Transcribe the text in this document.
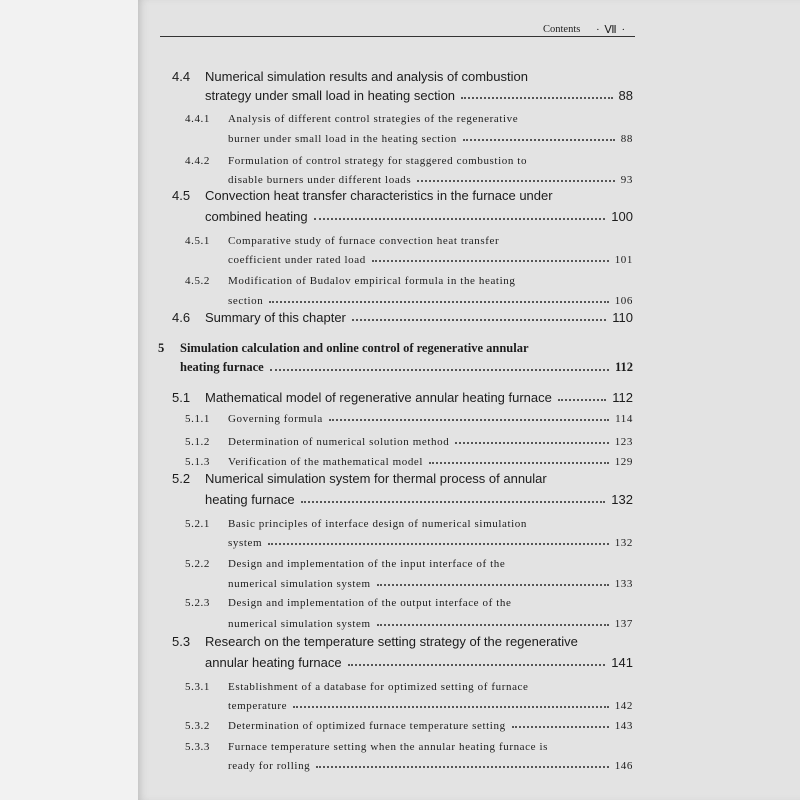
Contents · Ⅶ ·
4.4 Numerical simulation results and analysis of combustion
strategy under small load in heating section	88
4.4.1	Analysis of different control strategies of the regenerative
burner under small load in the heating section	88
4.4.2	Formulation of control strategy for staggered combustion to
disable burners under different loads	93
4.5 Convection heat transfer characteristics in the furnace under
combined heating	100
4.5.1	Comparative study of furnace convection heat transfer
coefficient under rated load	101
4.5.2	Modification of Budalov empirical formula in the heating
section	106
4.6 Summary of this chapter	110
5	Simulation calculation and online control of regenerative annular
heating furnace	112
5.1 Mathematical model of regenerative annular heating furnace	112
5.1.1	Governing formula	114
5.1.2	Determination of numerical solution method	123
5.1.3	Verification of the mathematical model	129
5.2 Numerical simulation system for thermal process of annular
heating furnace	132
5.2.1	Basic principles of interface design of numerical simulation
system	132
5.2.2	Design and implementation of the input interface of the
numerical simulation system	133
5.2.3	Design and implementation of the output interface of the
numerical simulation system	137
5.3 Research on the temperature setting strategy of the regenerative
annular heating furnace	141
5.3.1	Establishment of a database for optimized setting of furnace
temperature	142
5.3.2	Determination of optimized furnace temperature setting	143
5.3.3	Furnace temperature setting when the annular heating furnace is
ready for rolling	146
